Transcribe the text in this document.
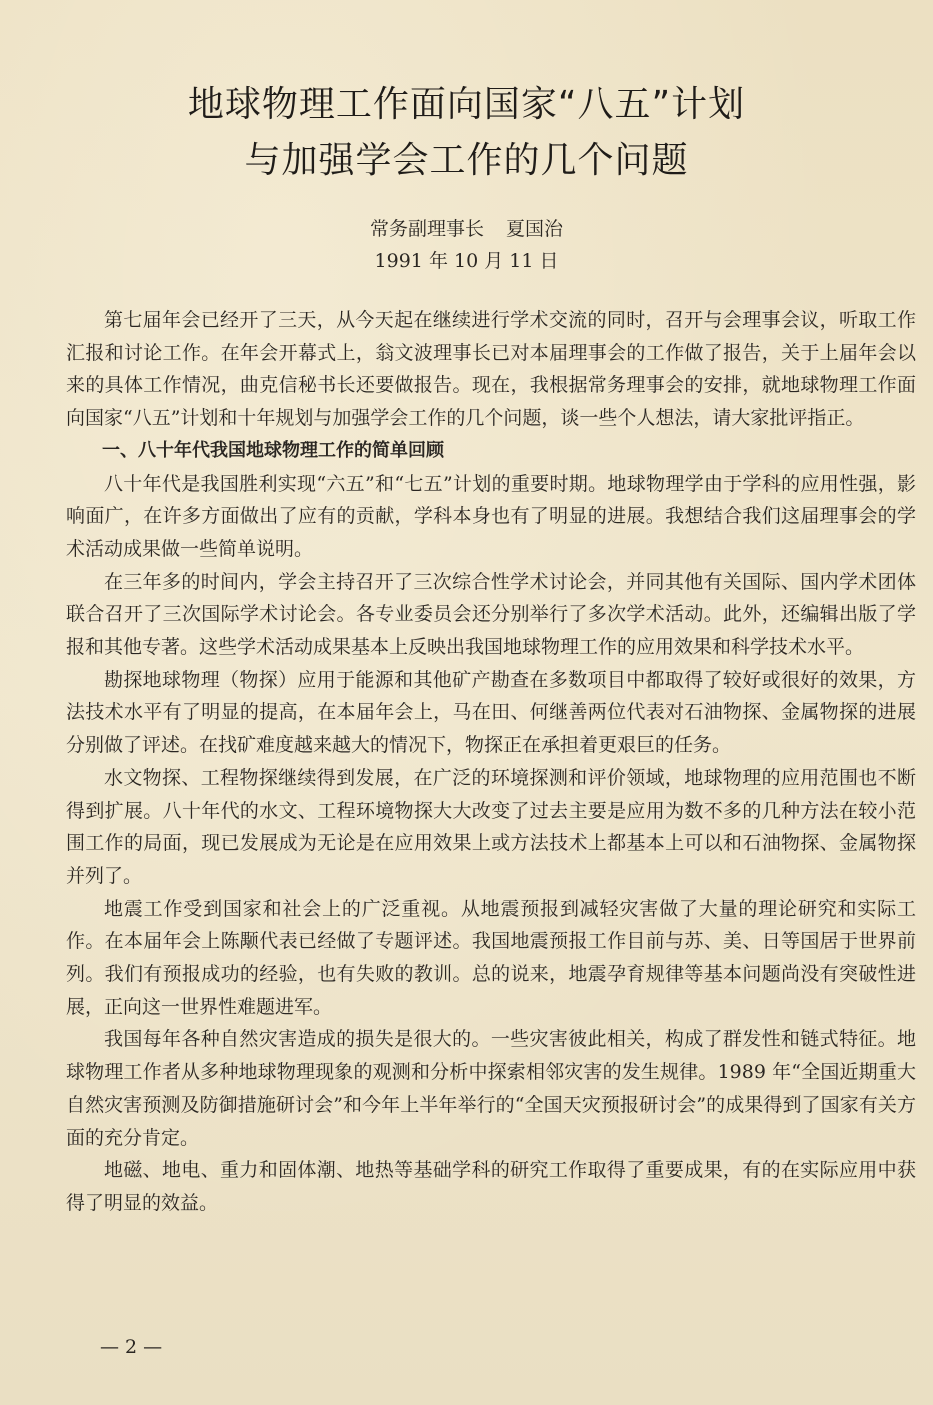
地球物理工作面向国家“八五”计划
与加强学会工作的几个问题
常务副理事长 夏国治
1991 年 10 月 11 日

第七届年会已经开了三天，从今天起在继续进行学术交流的同时，召开与会理事会议，听取工作汇报和讨论工作。在年会开幕式上，翁文波理事长已对本届理事会的工作做了报告，关于上届年会以来的具体工作情况，曲克信秘书长还要做报告。现在，我根据常务理事会的安排，就地球物理工作面向国家“八五”计划和十年规划与加强学会工作的几个问题，谈一些个人想法，请大家批评指正。

一、八十年代我国地球物理工作的简单回顾

八十年代是我国胜利实现“六五”和“七五”计划的重要时期。地球物理学由于学科的应用性强，影响面广，在许多方面做出了应有的贡献，学科本身也有了明显的进展。我想结合我们这届理事会的学术活动成果做一些简单说明。

在三年多的时间内，学会主持召开了三次综合性学术讨论会，并同其他有关国际、国内学术团体联合召开了三次国际学术讨论会。各专业委员会还分别举行了多次学术活动。此外，还编辑出版了学报和其他专著。这些学术活动成果基本上反映出我国地球物理工作的应用效果和科学技术水平。

勘探地球物理（物探）应用于能源和其他矿产勘查在多数项目中都取得了较好或很好的效果，方法技术水平有了明显的提高，在本届年会上，马在田、何继善两位代表对石油物探、金属物探的进展分别做了评述。在找矿难度越来越大的情况下，物探正在承担着更艰巨的任务。

水文物探、工程物探继续得到发展，在广泛的环境探测和评价领域，地球物理的应用范围也不断得到扩展。八十年代的水文、工程环境物探大大改变了过去主要是应用为数不多的几种方法在较小范围工作的局面，现已发展成为无论是在应用效果上或方法技术上都基本上可以和石油物探、金属物探并列了。

地震工作受到国家和社会上的广泛重视。从地震预报到减轻灾害做了大量的理论研究和实际工作。在本届年会上陈颙代表已经做了专题评述。我国地震预报工作目前与苏、美、日等国居于世界前列。我们有预报成功的经验，也有失败的教训。总的说来，地震孕育规律等基本问题尚没有突破性进展，正向这一世界性难题进军。

我国每年各种自然灾害造成的损失是很大的。一些灾害彼此相关，构成了群发性和链式特征。地球物理工作者从多种地球物理现象的观测和分析中探索相邻灾害的发生规律。1989 年“全国近期重大自然灾害预测及防御措施研讨会”和今年上半年举行的“全国天灾预报研讨会”的成果得到了国家有关方面的充分肯定。

地磁、地电、重力和固体潮、地热等基础学科的研究工作取得了重要成果，有的在实际应用中获得了明显的效益。

— 2 —
